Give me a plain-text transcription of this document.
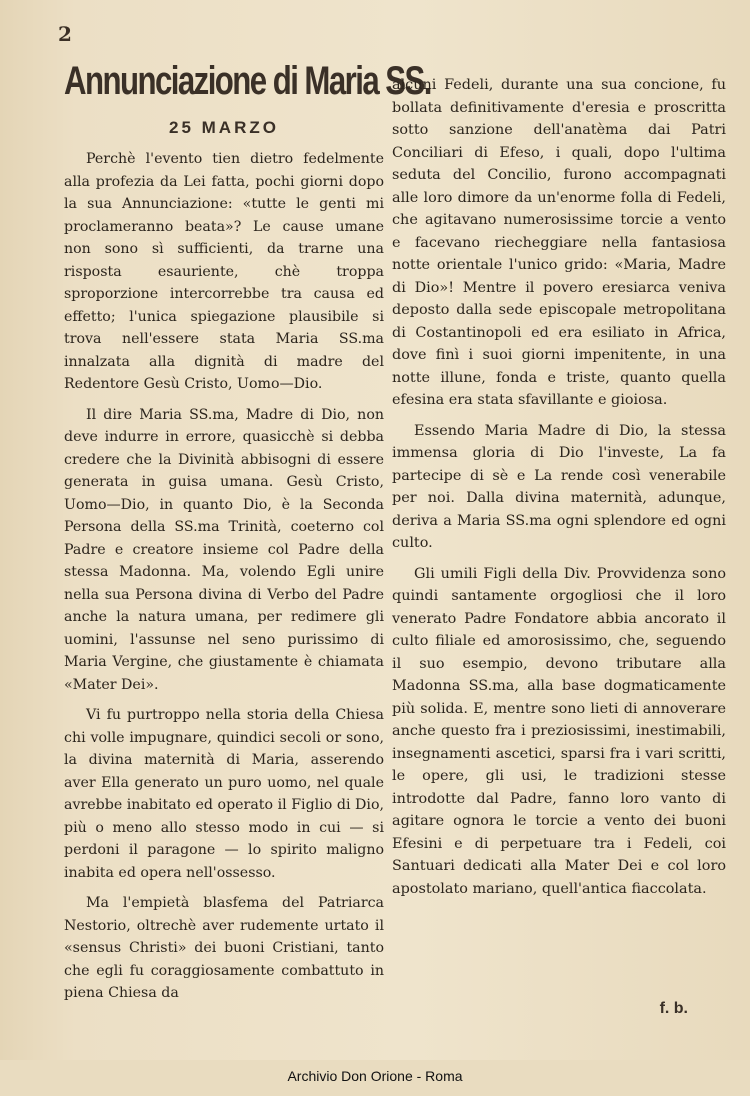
2
Annunciazione di Maria SS.
25 MARZO

Perchè l'evento tien dietro fedelmente alla profezia da Lei fatta, pochi giorni dopo la sua Annunciazione: «tutte le genti mi proclameranno beata»? Le cause umane non sono sì sufficienti, da trarne una risposta esauriente, chè troppa sproporzione intercorrebbe tra causa ed effetto; l'unica spiegazione plausibile si trova nell'essere stata Maria SS.ma innalzata alla dignità di madre del Redentore Gesù Cristo, Uomo—Dio.

Il dire Maria SS.ma, Madre di Dio, non deve indurre in errore, quasicchè si debba credere che la Divinità abbisogni di essere generata in guisa umana. Gesù Cristo, Uomo—Dio, in quanto Dio, è la Seconda Persona della SS.ma Trinità, coeterno col Padre e creatore insieme col Padre della stessa Madonna. Ma, volendo Egli unire nella sua Persona divina di Verbo del Padre anche la natura umana, per redimere gli uomini, l'assunse nel seno purissimo di Maria Vergine, che giustamente è chiamata «Mater Dei».

Vi fu purtroppo nella storia della Chiesa chi volle impugnare, quindici secoli or sono, la divina maternità di Maria, asserendo aver Ella generato un puro uomo, nel quale avrebbe inabitato ed operato il Figlio di Dio, più o meno allo stesso modo in cui — si perdoni il paragone — lo spirito maligno inabita ed opera nell'ossesso.

Ma l'empietà blasfema del Patriarca Nestorio, oltrechè aver rudemente urtato il «sensus Christi» dei buoni Cristiani, tanto che egli fu coraggiosamente combattuto in piena Chiesa da

alcuni Fedeli, durante una sua concione, fu bollata definitivamente d'eresia e proscritta sotto sanzione dell'anatèma dai Patri Conciliari di Efeso, i quali, dopo l'ultima seduta del Concilio, furono accompagnati alle loro dimore da un'enorme folla di Fedeli, che agitavano numerosissime torcie a vento e facevano riecheggiare nella fantasiosa notte orientale l'unico grido: «Maria, Madre di Dio»! Mentre il povero eresiarca veniva deposto dalla sede episcopale metropolitana di Costantinopoli ed era esiliato in Africa, dove finì i suoi giorni impenitente, in una notte illune, fonda e triste, quanto quella efesina era stata sfavillante e gioiosa.

Essendo Maria Madre di Dio, la stessa immensa gloria di Dio l'investe, La fa partecipe di sè e La rende così venerabile per noi. Dalla divina maternità, adunque, deriva a Maria SS.ma ogni splendore ed ogni culto.

Gli umili Figli della Div. Provvidenza sono quindi santamente orgogliosi che il loro venerato Padre Fondatore abbia ancorato il culto filiale ed amorosissimo, che, seguendo il suo esempio, devono tributare alla Madonna SS.ma, alla base dogmaticamente più solida. E, mentre sono lieti di annoverare anche questo fra i preziosissimi, inestimabili, insegnamenti ascetici, sparsi fra i vari scritti, le opere, gli usi, le tradizioni stesse introdotte dal Padre, fanno loro vanto di agitare ognora le torcie a vento dei buoni Efesini e di perpetuare tra i Fedeli, coi Santuari dedicati alla Mater Dei e col loro apostolato mariano, quell'antica fiaccolata.

f. b.
Archivio Don Orione - Roma
